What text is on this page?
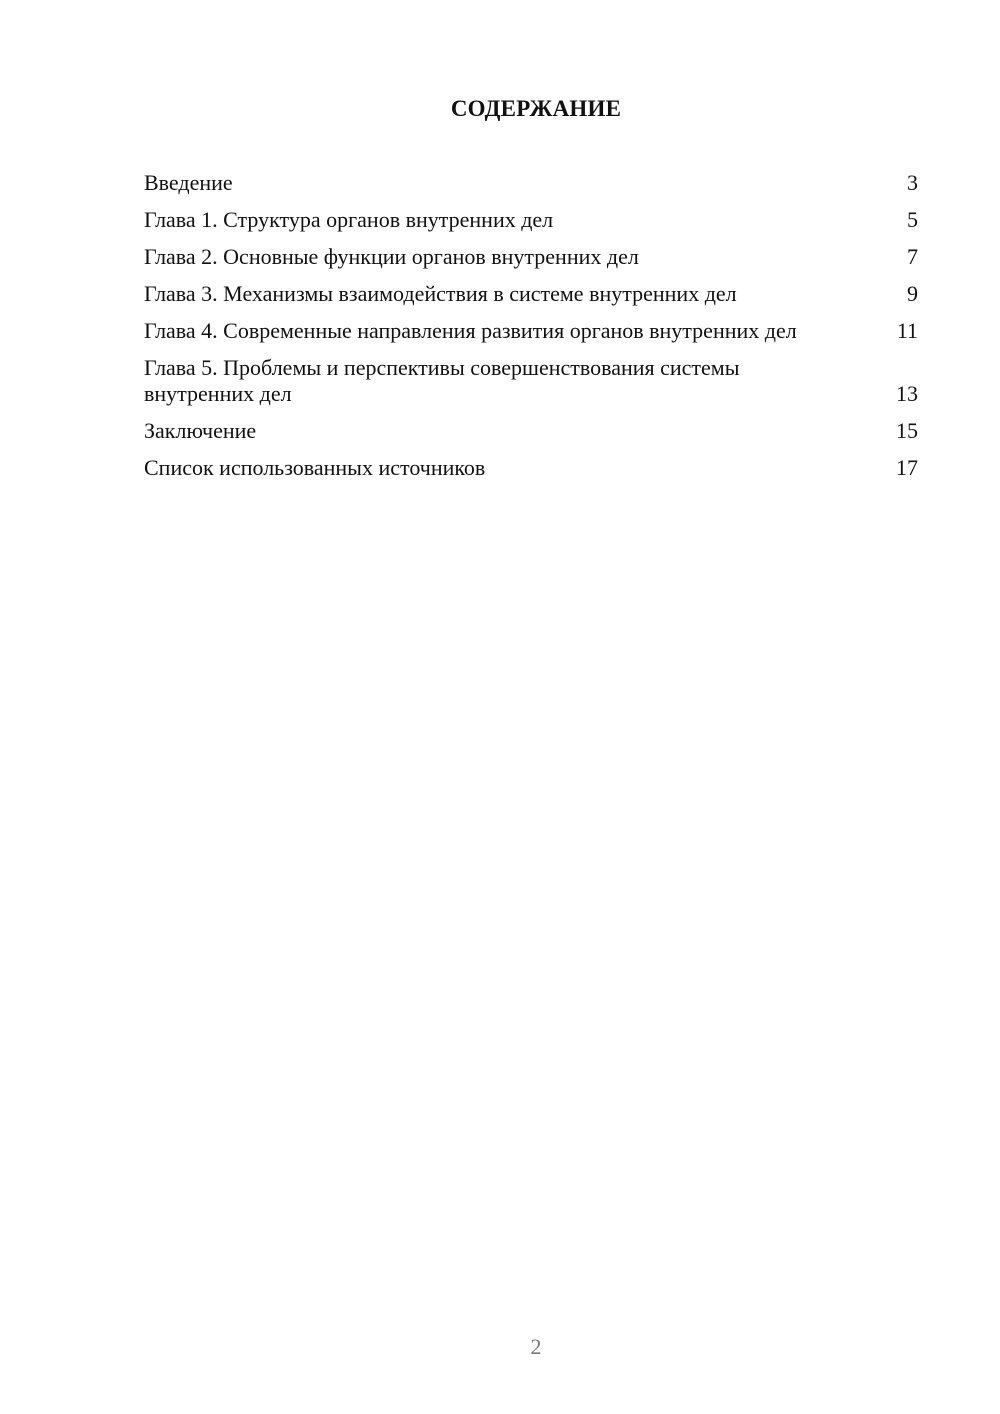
СОДЕРЖАНИЕ
Введение	3
Глава 1. Структура органов внутренних дел	5
Глава 2. Основные функции органов внутренних дел	7
Глава 3. Механизмы взаимодействия в системе внутренних дел	9
Глава 4. Современные направления развития органов внутренних дел	11
Глава 5. Проблемы и перспективы совершенствования системы внутренних дел	13
Заключение	15
Список использованных источников	17
2
